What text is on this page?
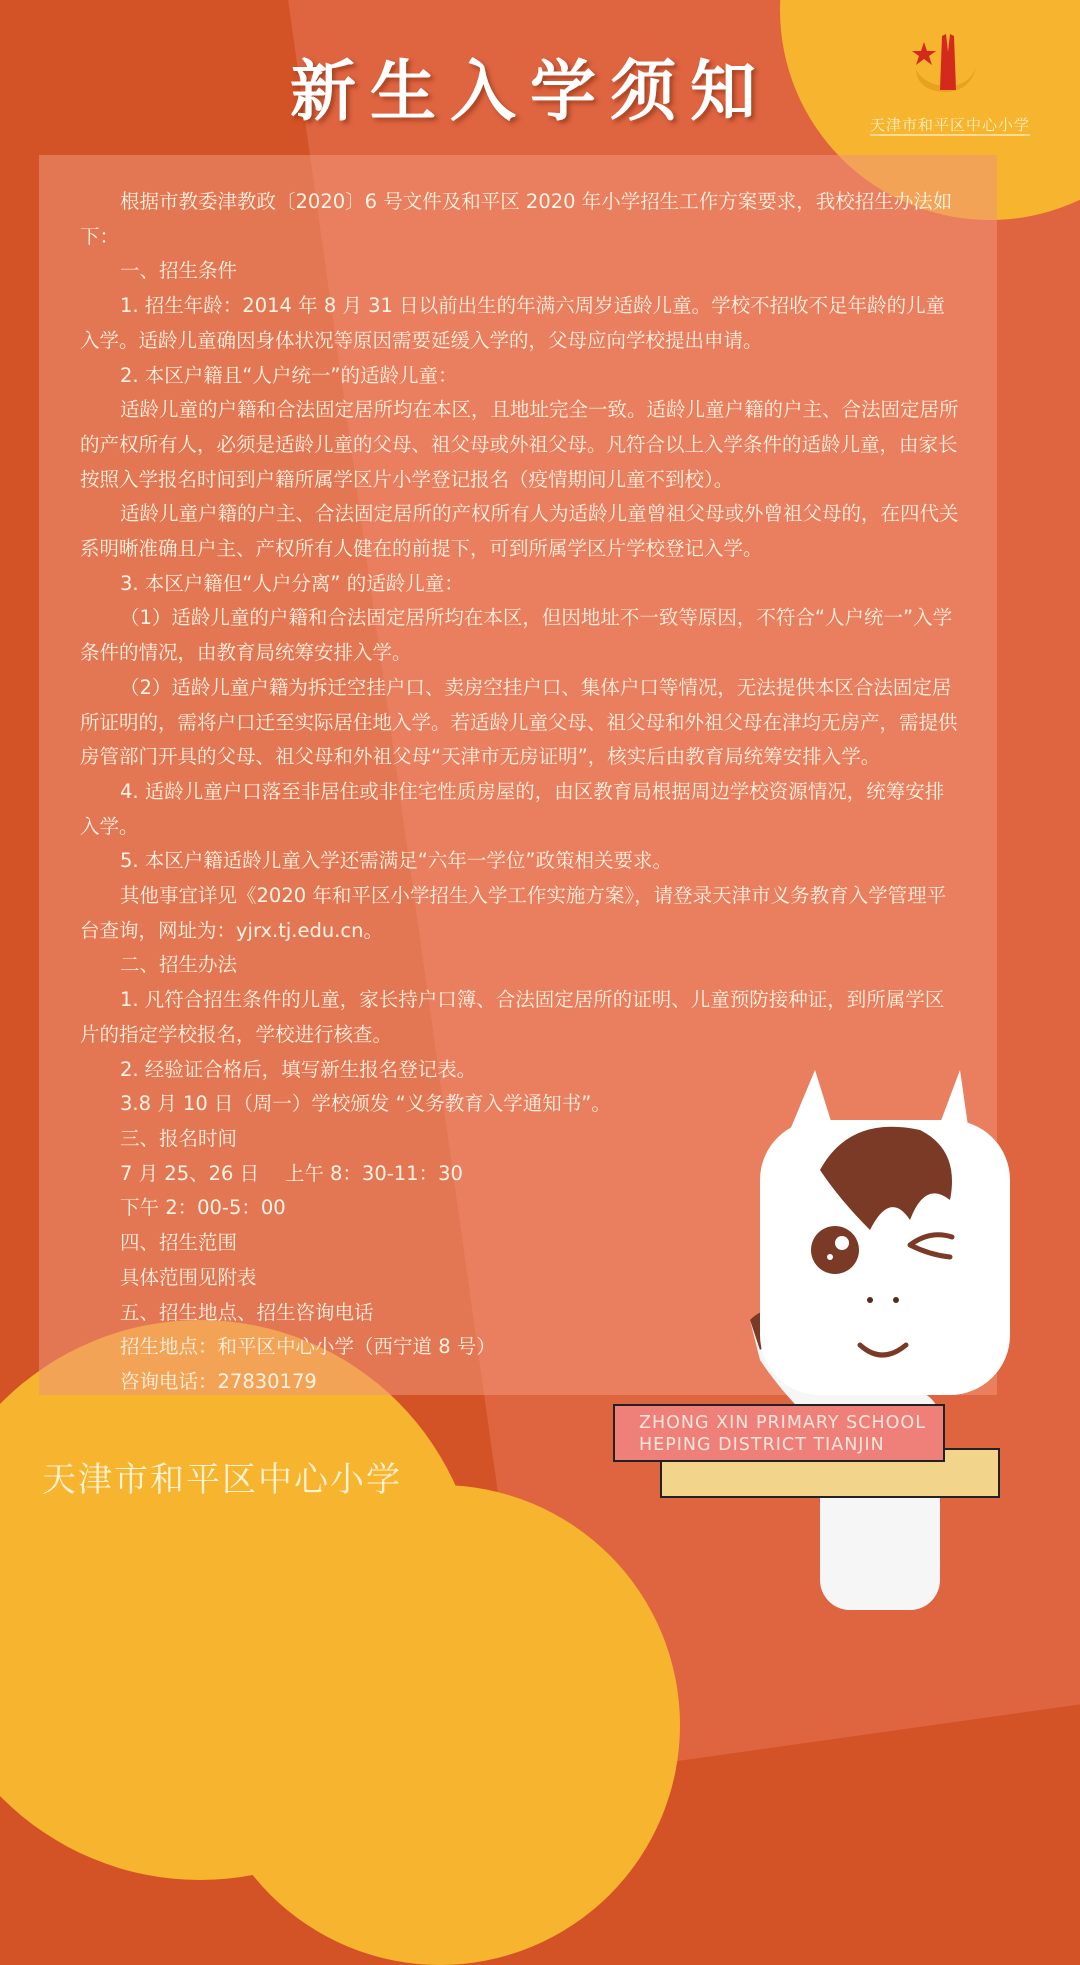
新生入学须知	天津市和平区中心小学

根据市教委津教政〔2020〕6 号文件及和平区 2020 年小学招生工作方案要求，我校招生办法如下：

一、招生条件

1. 招生年龄：2014 年 8 月 31 日以前出生的年满六周岁适龄儿童。学校不招收不足年龄的儿童入学。适龄儿童确因身体状况等原因需要延缓入学的，父母应向学校提出申请。

2. 本区户籍且“人户统一”的适龄儿童：

适龄儿童的户籍和合法固定居所均在本区，且地址完全一致。适龄儿童户籍的户主、合法固定居所的产权所有人，必须是适龄儿童的父母、祖父母或外祖父母。凡符合以上入学条件的适龄儿童，由家长按照入学报名时间到户籍所属学区片小学登记报名（疫情期间儿童不到校）。

适龄儿童户籍的户主、合法固定居所的产权所有人为适龄儿童曾祖父母或外曾祖父母的，在四代关系明晰准确且户主、产权所有人健在的前提下，可到所属学区片学校登记入学。

3. 本区户籍但“人户分离” 的适龄儿童：

（1）适龄儿童的户籍和合法固定居所均在本区，但因地址不一致等原因，不符合“人户统一”入学条件的情况，由教育局统筹安排入学。

（2）适龄儿童户籍为拆迁空挂户口、卖房空挂户口、集体户口等情况，无法提供本区合法固定居所证明的，需将户口迁至实际居住地入学。若适龄儿童父母、祖父母和外祖父母在津均无房产，需提供房管部门开具的父母、祖父母和外祖父母“天津市无房证明”，核实后由教育局统筹安排入学。

4. 适龄儿童户口落至非居住或非住宅性质房屋的，由区教育局根据周边学校资源情况，统筹安排入学。

5. 本区户籍适龄儿童入学还需满足“六年一学位”政策相关要求。

其他事宜详见《2020 年和平区小学招生入学工作实施方案》，请登录天津市义务教育入学管理平台查询，网址为：yjrx.tj.edu.cn。

二、招生办法

1. 凡符合招生条件的儿童，家长持户口簿、合法固定居所的证明、儿童预防接种证，到所属学区片的指定学校报名，学校进行核查。

2. 经验证合格后，填写新生报名登记表。

3.8 月 10 日（周一）学校颁发 “义务教育入学通知书”。

三、报名时间

7 月 25、26 日　 上午 8：30-11：30

下午 2：00-5：00

四、招生范围

具体范围见附表

五、招生地点、招生咨询电话

招生地点：和平区中心小学（西宁道 8 号）

咨询电话：27830179

天津市和平区中心小学
ZHONG XIN PRIMARY SCHOOL
HEPING DISTRICT TIANJIN
